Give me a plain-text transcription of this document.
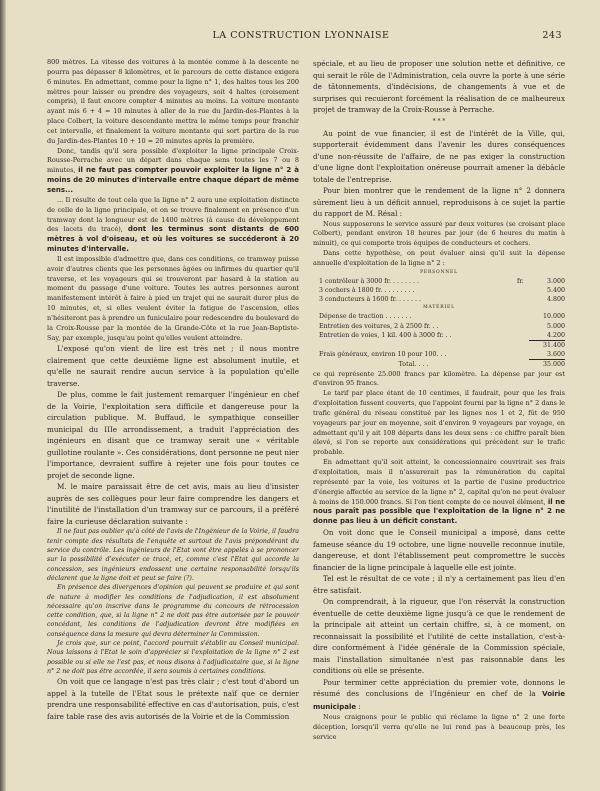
LA CONSTRUCTION LYONNAISE	243

800 mètres. La vitesse des voitures à la montée comme à la descente ne pourra pas dépasser 8 kilomètres, et le parcours de cette distance exigera 6 minutes. En admettant, comme pour la ligne n° 1, des haltes tous les 200 mètres pour laisser ou prendre des voyageurs, soit 4 haltes (croisement compris), il faut encore compter 4 minutes au moins. La voiture montante ayant mis 6 + 4 = 10 minutes à aller de la rue du Jardin-des-Plantes à la place Colbert, la voiture descendante mettra le même temps pour franchir cet intervalle, et finalement la voiture montante qui sort partira de la rue du Jardin-des-Plantes 10 + 10 = 20 minutes après la première.

Donc, tandis qu'il sera possible d'exploiter la ligne principale Croix-Rousse-Perrache avec un départ dans chaque sens toutes les 7 ou 8 minutes, il ne faut pas compter pouvoir exploiter la ligne n° 2 à moins de 20 minutes d'intervalle entre chaque départ de même sens...

... Il résulte de tout cela que la ligne n° 2 aura une exploitation distincte de celle de la ligne principale, et on se trouve finalement en présence d'un tramway dont la longueur est de 1400 mètres (à cause du développement des lacets du tracé), dont les terminus sont distants de 600 mètres à vol d'oiseau, et où les voitures se succéderont à 20 minutes d'intervalle.

Il est impossible d'admettre que, dans ces conditions, ce tramway puisse avoir d'autres clients que les personnes âgées ou infirmes du quartier qu'il traverse, et les voyageurs qui se trouveront par hasard à la station au moment du passage d'une voiture. Toutes les autres personnes auront manifestement intérêt à faire à pied un trajet qui ne saurait durer plus de 10 minutes, et, si elles veulent éviter la fatigue de l'ascension, elles n'hésiteront pas à prendre un funiculaire pour redescendre du boulevard de la Croix-Rousse par la montée de la Grande-Côte et la rue Jean-Baptiste-Say, par exemple, jusqu'au point qu'elles veulent atteindre.

L'exposé qu'on vient de lire est très net ; il nous montre clairement que cette deuxième ligne est absolument inutile, et qu'elle ne saurait rendre aucun service à la population qu'elle traverse.

De plus, comme le fait justement remarquer l'ingénieur en chef de la Voirie, l'exploitation sera difficile et dangereuse pour la circulation publique. M. Buffaud, le sympathique conseiller municipal du IIIe arrondissement, a traduit l'appréciation des ingénieurs en disant que ce tramway serait une « véritable guillotine roulante ». Ces considérations, dont personne ne peut nier l'importance, devraient suffire à rejeter une fois pour toutes ce projet de seconde ligne.

M. le maire paraissait être de cet avis, mais au lieu d'insister auprès de ses collègues pour leur faire comprendre les dangers et l'inutilité de l'installation d'un tramway sur ce parcours, il a préféré faire la curieuse déclaration suivante :

Il ne faut pas oublier qu'à côté de l'avis de l'Ingénieur de la Voirie, il faudra tenir compte des résultats de l'enquête et surtout de l'avis prépondérant du service du contrôle. Les ingénieurs de l'Etat vont être appelés à se prononcer sur la possibilité d'exécuter ce tracé, et, comme c'est l'Etat qui accorde la concession, ses ingénieurs endossent une certaine responsabilité lorsqu'ils déclarent que la ligne doit et peut se faire (?).

En présence des divergences d'opinion qui peuvent se produire et qui sont de nature à modifier les conditions de l'adjudication, il est absolument nécessaire qu'on inscrive dans le programme du concours de rétrocession cette condition, que, si la ligne n° 2 ne doit pas être autorisée par le pouvoir concédant, les conditions de l'adjudication devront être modifiées en conséquence dans la mesure qui devra déterminer la Commission.

Je crois que, sur ce point, l'accord pourrait s'établir au Conseil municipal. Nous laissons à l'Etat le soin d'apprécier si l'exploitation de la ligne n° 2 est possible ou si elle ne l'est pas, et nous disons à l'adjudicataire que, si la ligne n° 2 ne doit pas être accordée, il sera soumis à certaines conditions.

On voit que ce langage n'est pas très clair ; c'est tout d'abord un appel à la tutelle de l'Etat sous le prétexte naïf que ce dernier prendra une responsabilité effective en cas d'autorisation, puis, c'est faire table rase des avis autorisés de la Voirie et de la Commission

spéciale, et au lieu de proposer une solution nette et définitive, ce qui serait le rôle de l'Administration, cela ouvre la porte à une série de tâtonnements, d'indécisions, de changements à vue et de surprises qui recuieront forcément la réalisation de ce malheureux projet de tramway de la Croix-Rousse à Perrache.

* * *

Au point de vue financier, il est de l'intérêt de la Ville, qui, supporterait évidemment dans l'avenir les dures conséquences d'une non-réussite de l'affaire, de ne pas exiger la construction d'une ligne dont l'exploitation onéreuse pourrait amener la débâcle totale de l'entreprise.

Pour bien montrer que le rendement de la ligne n° 2 donnera sûrement lieu à un déficit annuel, reproduisons à ce sujet la partie du rapport de M. Résal :

Nous supposerons le service assuré par deux voitures (se croisant place Colbert), pendant environ 18 heures par jour (de 6 heures du matin à minuit), ce qui comporte trois équipes de conducteurs et cochers.

Dans cette hypothèse, on peut évaluer ainsi qu'il suit la dépense annuelle d'exploitation de la ligne n° 2 :

PERSONNEL
1 contrôleur à 3000 fr. . . . . . . .	fr.	3.000
3 cochers à 1800 fr. . . . . . . . .		5.400
3 conducteurs à 1600 fr. . . . . . .		4.800
MATÉRIEL
Dépense de traction . . . . . . .		10.000
Entretien des voitures, 2 à 2500 fr. . .		5.000
Entretien de voies, 1 kil. 400 à 3000 fr. . .		4.200
		31.400
Frais généraux, environ 10 pour 100. . .		3.600
Total. . . .		35.000

ce qui représente 25.000 francs par kilomètre. La dépense par jour est d'environ 95 francs.

Le tarif par place étant de 10 centimes, il faudrait, pour que les frais d'exploitation fussent couverts, que l'appoint fourni par la ligne n° 2 dans le trafic général du réseau constitué par les lignes nos 1 et 2, fût de 950 voyageurs par jour en moyenne, soit d'environ 9 voyageurs par voyage, en admettant qu'il y ait 108 départs dans les deux sens : ce chiffre paraît bien élevé, si l'on se reporte aux considérations qui précèdent sur le trafic probable.

En admettant qu'il soit atteint, le concessionnaire couvrirait ses frais d'exploitation, mais il n'assurerait pas la rémunération du capital représenté par la voie, les voitures et la partie de l'usine productrice d'énergie affectée au service de la ligne n° 2, capital qu'on ne peut évaluer à moins de 150.000 francs. Si l'on tient compte de ce nouvel élément, il ne nous paraît pas possible que l'exploitation de la ligne n° 2 ne donne pas lieu à un déficit constant.

On voit donc que le Conseil municipal a imposé, dans cette fameuse séance du 19 octobre, une ligne nouvelle reconnue inutile, dangereuse, et dont l'établissement peut compromettre le succès financier de la ligne principale à laquelle elle est jointe.

Tel est le résultat de ce vote ; il n'y a certainement pas lieu d'en être satisfait.

On comprendrait, à la rigueur, que l'on réservât la construction éventuelle de cette deuxième ligne jusqu'à ce que le rendement de la principale ait atteint un certain chiffre, si, à ce moment, on reconnaissait la possibilité et l'utilité de cette installation, c'est-à-dire conformément à l'idée générale de la Commission spéciale, mais l'installation simultanée n'est pas raisonnable dans les conditions où elle se présente.

Pour terminer cette appréciation du premier vote, donnons le résumé des conclusions de l'Ingénieur en chef de la Voirie municipale :

Nous craignons pour le public qui réclame la ligne n° 2 une forte déception, lorsqu'il verra qu'elle ne lui rend pas à beaucoup près, les service
